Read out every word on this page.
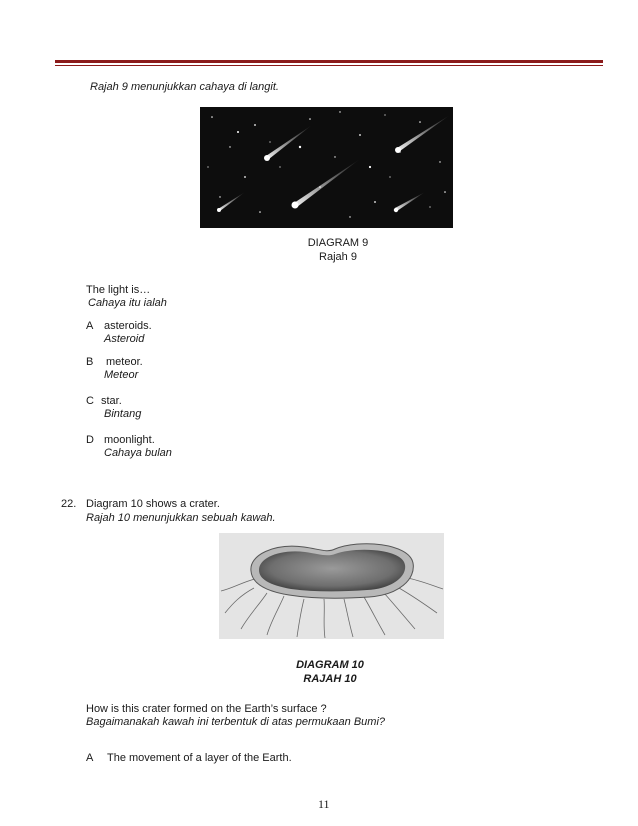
Rajah 9 menunjukkan cahaya di langit.
DIAGRAM 9
Rajah 9
The light is…
Cahaya itu ialah
A asteroids.
Asteroid
B meteor.
Meteor
C star.
Bintang
D moonlight.
Cahaya bulan
22. Diagram 10 shows a crater.
Rajah 10 menunjukkan sebuah kawah.
DIAGRAM 10
RAJAH 10
How is this crater formed on the Earth’s surface ?
Bagaimanakah kawah ini terbentuk di atas permukaan Bumi?
A The movement of a layer of the Earth.
11
